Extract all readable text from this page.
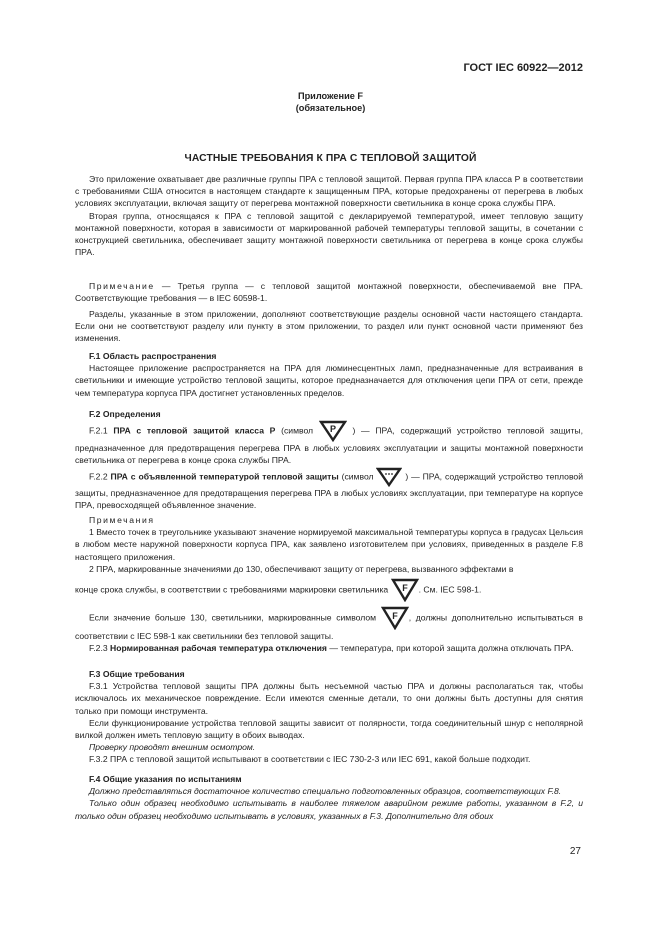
ГОСТ IEC 60922—2012
Приложение F
(обязательное)
ЧАСТНЫЕ ТРЕБОВАНИЯ К ПРА С ТЕПЛОВОЙ ЗАЩИТОЙ

Это приложение охватывает две различные группы ПРА с тепловой защитой. Первая группа ПРА класса Р в соответствии с требованиями США относится в настоящем стандарте к защищенным ПРА, которые предохранены от перегрева в любых условиях эксплуатации, включая защиту от перегрева монтажной поверхности светильника в конце срока службы ПРА.

Вторая группа, относящаяся к ПРА с тепловой защитой с декларируемой температурой, имеет тепловую защиту монтажной поверхности, которая в зависимости от маркированной рабочей температуры тепловой защиты, в сочетании с конструкцией светильника, обеспечивает защиту монтажной поверхности светильника от перегрева в конце срока службы ПРА.

Примечание — Третья группа — с тепловой защитой монтажной поверхности, обеспечиваемой вне ПРА. Соответствующие требования — в IEC 60598-1.

Разделы, указанные в этом приложении, дополняют соответствующие разделы основной части настоящего стандарта. Если они не соответствуют разделу или пункту в этом приложении, то раздел или пункт основной части применяют без изменения.

F.1 Область распространения

Настоящее приложение распространяется на ПРА для люминесцентных ламп, предназначенные для встраивания в светильники и имеющие устройство тепловой защиты, которое предназначается для отключения цепи ПРА от сети, прежде чем температура корпуса ПРА достигнет установленных пределов.

F.2 Определения

F.2.1 ПРА с тепловой защитой класса Р (символ P ) — ПРА, содержащий устройство тепловой защиты, предназначенное для предотвращения перегрева ПРА в любых условиях эксплуатации и защиты монтажной поверхности светильника от перегрева в конце срока службы ПРА.

F.2.2 ПРА с объявленной температурой тепловой защиты (символ	) — ПРА, содержащий устройство тепловой защиты, предназначенное для предотвращения перегрева ПРА в любых условиях эксплуатации, при температуре на корпусе ПРА, превосходящей объявленное значение.

Примечания

1 Вместо точек в треугольнике указывают значение нормируемой максимальной температуры корпуса в градусах Цельсия в любом месте наружной поверхности корпуса ПРА, как заявлено изготовителем при условиях, приведенных в разделе F.8 настоящего приложения.

2 ПРА, маркированные значениями до 130, обеспечивают защиту от перегрева, вызванного эффектами в

конце срока службы, в соответствии с требованиями маркировки светильника F . См. IEC 598-1.

Если значение больше 130, светильники, маркированные символом F , должны дополнительно испытываться в соответствии с IEC 598-1 как светильники без тепловой защиты.

F.2.3 Нормированная рабочая температура отключения — температура, при которой защита должна отключать ПРА.

F.3 Общие требования

F.3.1 Устройства тепловой защиты ПРА должны быть несъемной частью ПРА и должны располагаться так, чтобы исключалось их механическое повреждение. Если имеются сменные детали, то они должны быть доступны для снятия только при помощи инструмента.

Если функционирование устройства тепловой защиты зависит от полярности, тогда соединительный шнур с неполярной вилкой должен иметь тепловую защиту в обоих выводах.

Проверку проводят внешним осмотром.

F.3.2 ПРА с тепловой защитой испытывают в соответствии с IEC 730-2-3 или IEC 691, какой больше подходит.

F.4 Общие указания по испытаниям

Должно представляться достаточное количество специально подготовленных образцов, соответствующих F.8.

Только один образец необходимо испытывать в наиболее тяжелом аварийном режиме работы, указанном в F.2, и только один образец необходимо испытывать в условиях, указанных в F.3. Дополнительно для обоих

27
